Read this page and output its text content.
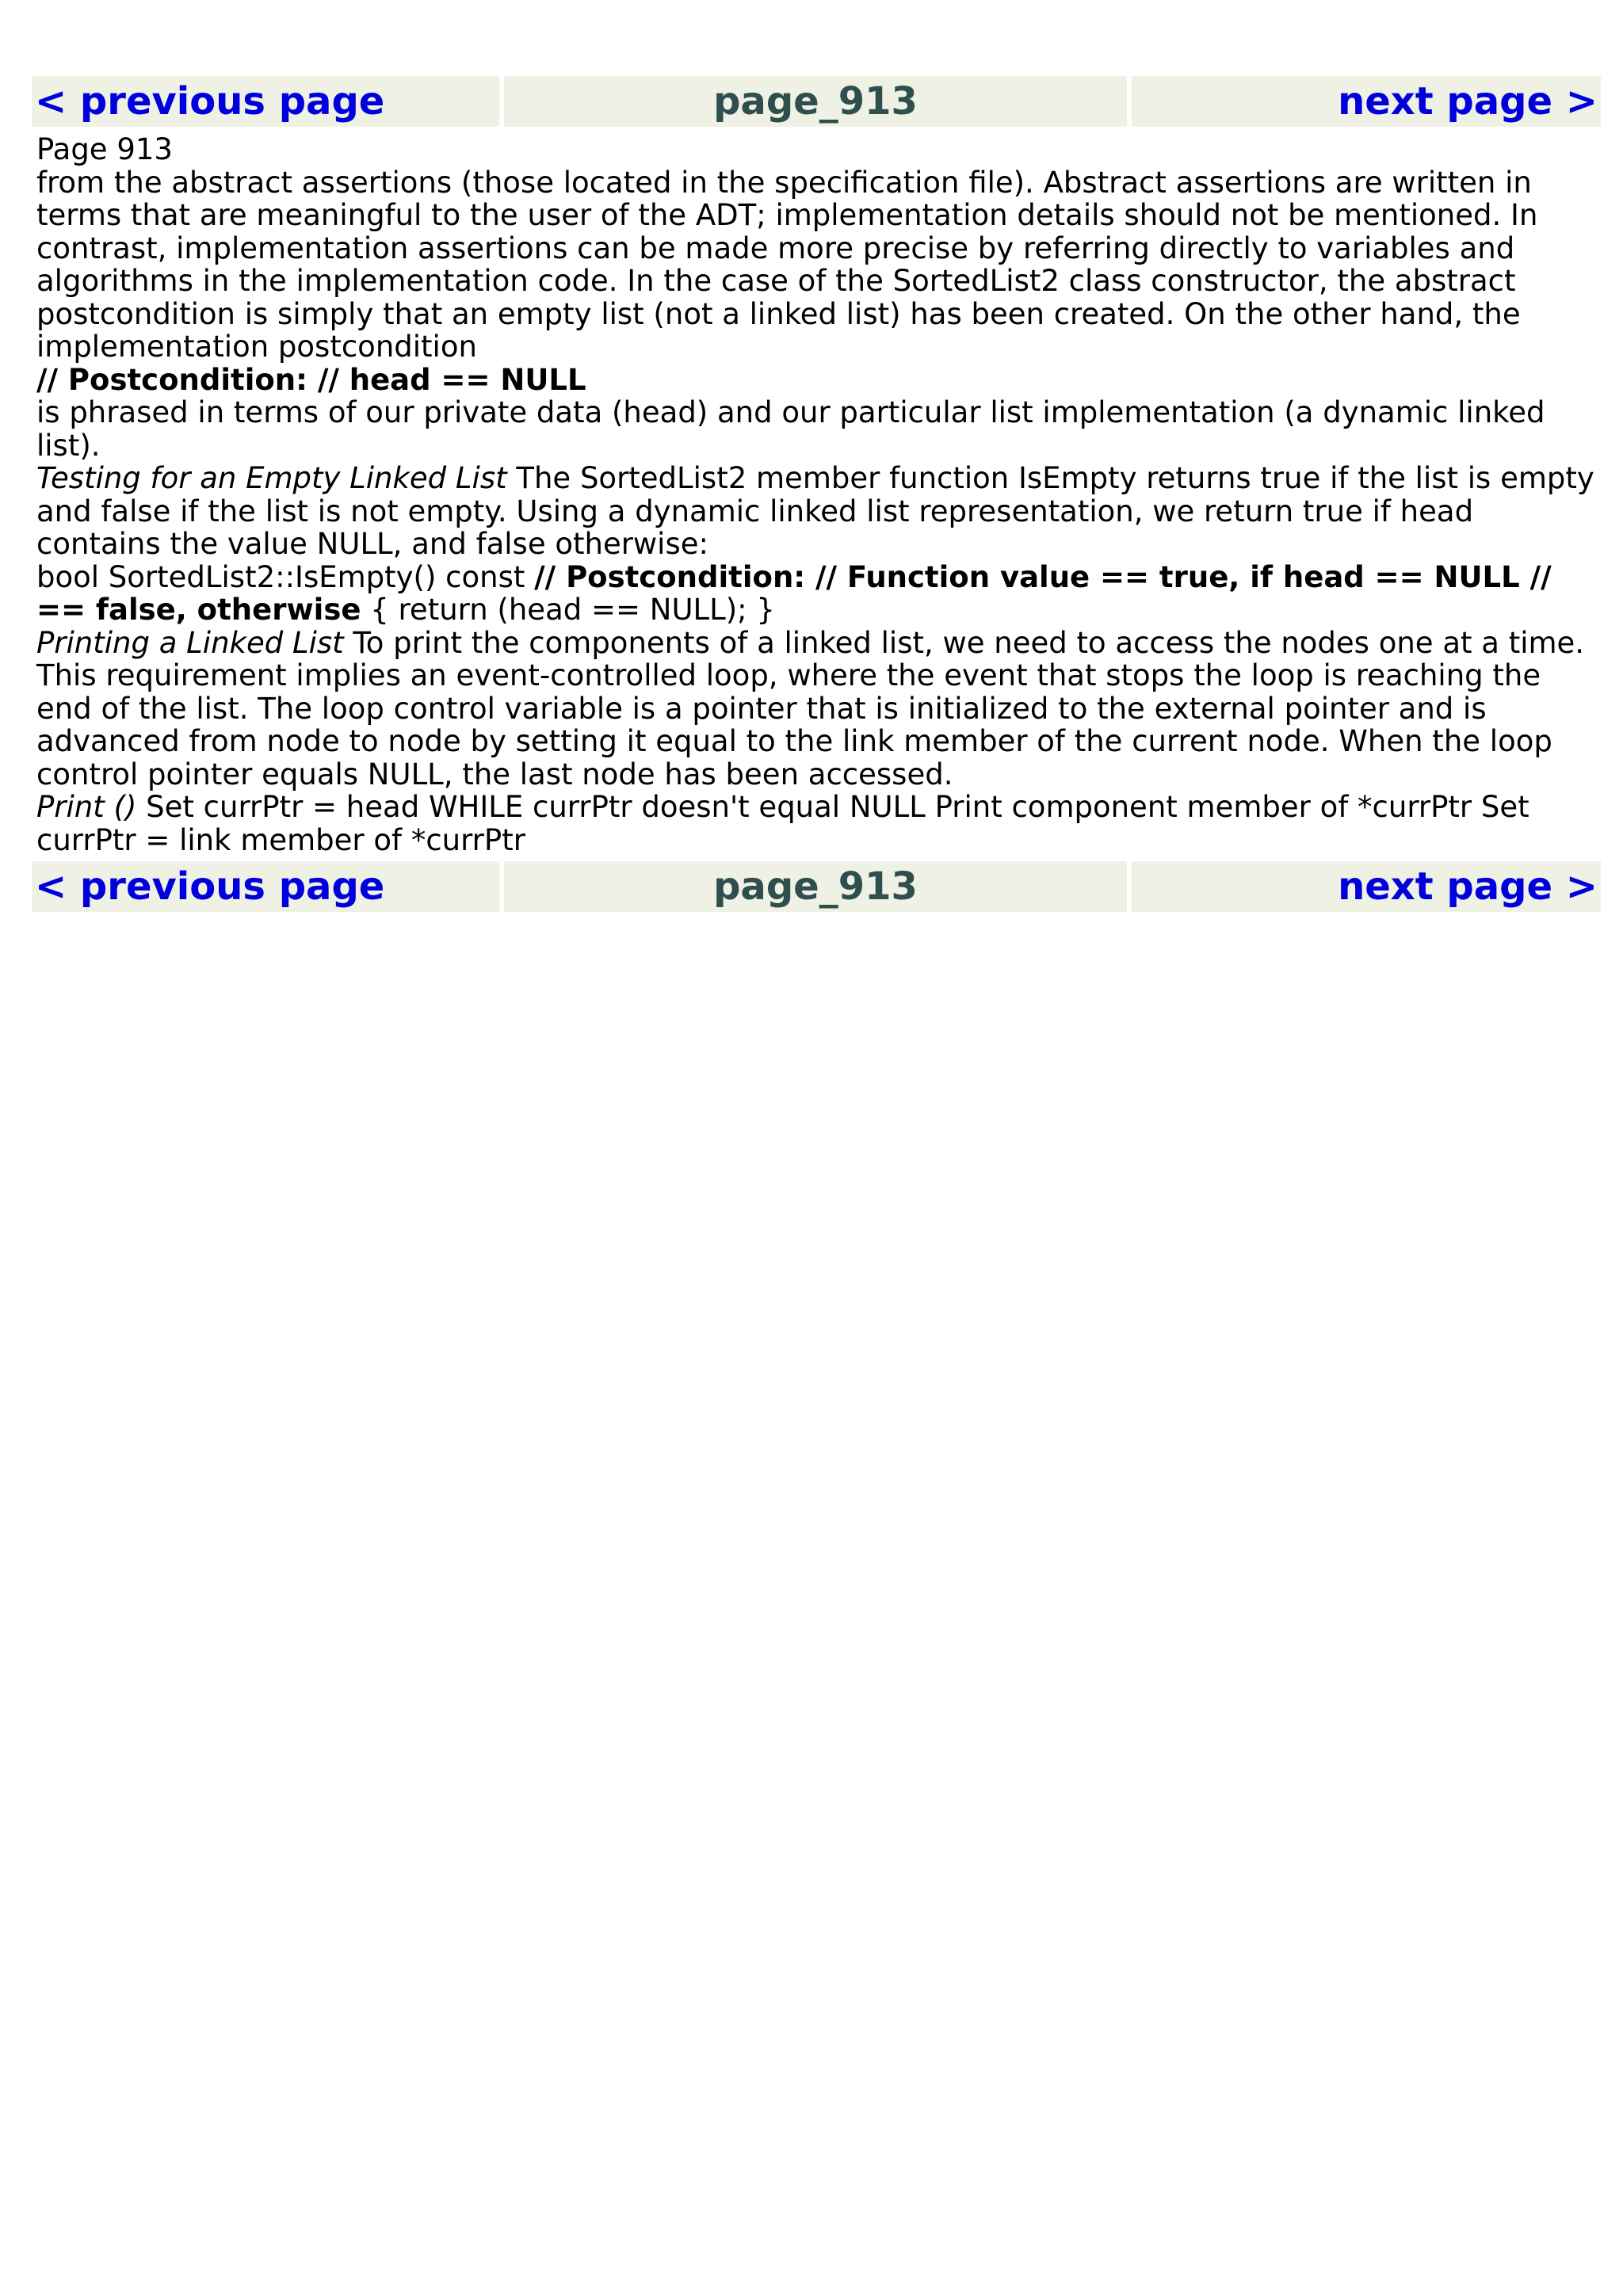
< previous page	page_913	next page >

Page 913

from the abstract assertions (those located in the specification file). Abstract assertions are written in terms that are meaningful to the user of the ADT; implementation details should not be mentioned. In contrast, implementation assertions can be made more precise by referring directly to variables and algorithms in the implementation code. In the case of the SortedList2 class constructor, the abstract postcondition is simply that an empty list (not a linked list) has been created. On the other hand, the implementation postcondition

// Postcondition: // head == NULL

is phrased in terms of our private data (head) and our particular list implementation (a dynamic linked list).

Testing for an Empty Linked List The SortedList2 member function IsEmpty returns true if the list is empty and false if the list is not empty. Using a dynamic linked list representation, we return true if head contains the value NULL, and false otherwise:

bool SortedList2::IsEmpty() const // Postcondition: // Function value == true, if head == NULL // == false, otherwise { return (head == NULL); }

Printing a Linked List To print the components of a linked list, we need to access the nodes one at a time. This requirement implies an event-controlled loop, where the event that stops the loop is reaching the end of the list. The loop control variable is a pointer that is initialized to the external pointer and is advanced from node to node by setting it equal to the link member of the current node. When the loop control pointer equals NULL, the last node has been accessed.

Print () Set currPtr = head WHILE currPtr doesn't equal NULL Print component member of *currPtr Set currPtr = link member of *currPtr

< previous page	page_913	next page >
